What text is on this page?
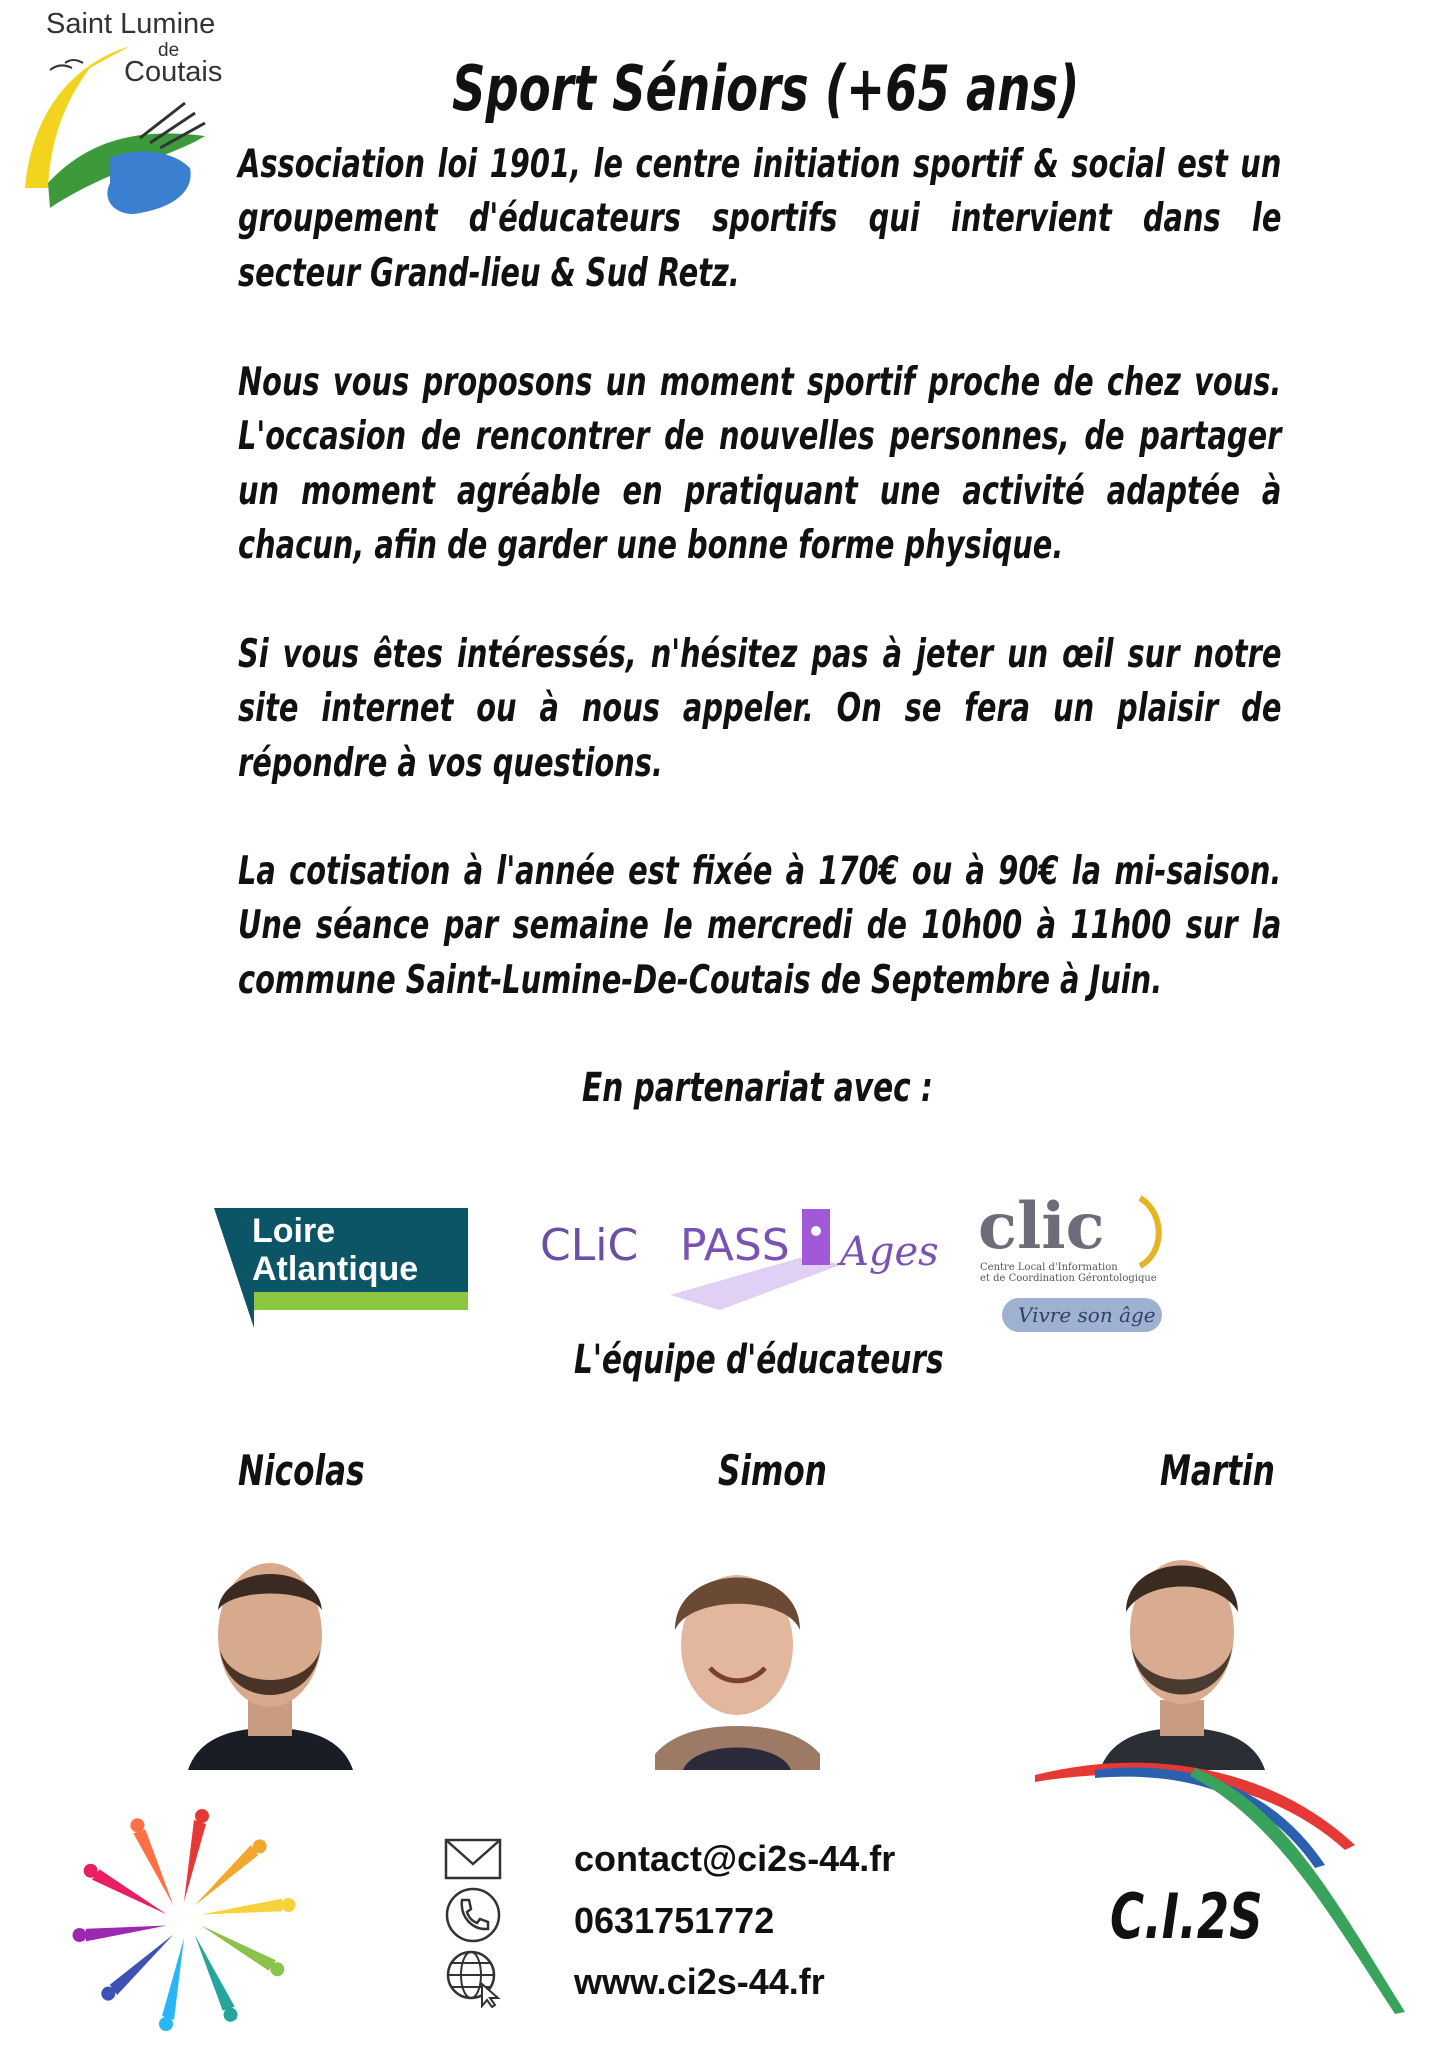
Saint Lumine
de
Coutais	Sport Séniors (+65 ans)
Association loi 1901, le centre initiation sportif & social est un groupement d'éducateurs sportifs qui intervient dans le secteur Grand-lieu & Sud Retz.
Nous vous proposons un moment sportif proche de chez vous. L'occasion de rencontrer de nouvelles personnes, de partager un moment agréable en pratiquant une activité adaptée à chacun, afin de garder une bonne forme physique.
Si vous êtes intéressés, n'hésitez pas à jeter un œil sur notre site internet ou à nous appeler. On se fera un plaisir de répondre à vos questions.
La cotisation à l'année est fixée à 170€ ou à 90€ la mi-saison. Une séance par semaine le mercredi de 10h00 à 11h00 sur la commune Saint-Lumine-De-Coutais de Septembre à Juin.
En partenariat avec :
Loire
Atlantique	CLiC PASS Ages clic
Centre Local d'Information
et de Coordination Gérontologique
Vivre son âge
L'équipe d'éducateurs
Nicolas	Simon	Martin
contact@ci2s-44.fr
0631751772
www.ci2s-44.fr
C.I.2S
